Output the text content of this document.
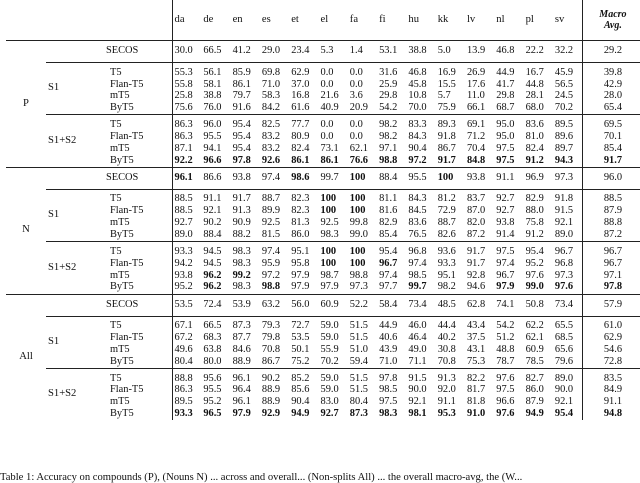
			da	de	en	es	et	el	fa	fi	hu	kk	lv	nl	pl	sv	Macro
Avg.
P		SECOS	30.0	66.5	41.2	29.0	23.4	5.3	1.4	53.1	38.8	5.0	13.9	46.8	22.2	32.2	29.2
	S1	T5	55.3	56.1	85.9	69.8	62.9	0.0	0.0	31.6	46.8	16.9	26.9	44.9	16.7	45.9	39.8
		Flan-T5	55.8	58.1	86.1	71.0	37.0	0.0	0.0	25.9	45.8	15.5	17.6	41.7	44.8	56.5	42.9
		mT5	25.8	38.8	79.7	58.3	16.8	21.6	3.6	29.8	10.8	5.7	11.0	29.8	28.1	24.5	28.0
		ByT5	75.6	76.0	91.6	84.2	61.6	40.9	20.9	54.2	70.0	75.9	66.1	68.7	68.0	70.2	65.4
	S1+S2	T5	86.3	96.0	95.4	82.5	77.7	0.0	0.0	98.2	83.3	89.3	69.1	95.0	83.6	89.5	69.5
		Flan-T5	86.3	95.5	95.4	83.2	80.9	0.0	0.0	98.2	84.3	91.8	71.2	95.0	81.0	89.6	70.1
		mT5	87.1	94.1	95.4	83.2	82.4	73.1	62.1	97.1	90.4	86.7	70.4	97.5	82.4	89.7	85.4
		ByT5	92.2	96.6	97.8	92.6	86.1	86.1	76.6	98.8	97.2	91.7	84.8	97.5	91.2	94.3	91.7
N		SECOS	96.1	86.6	93.8	97.4	98.6	99.7	100	88.4	95.5	100	93.8	91.1	96.9	97.3	96.0
	S1	T5	88.5	91.1	91.7	88.7	82.3	100	100	81.1	84.3	81.2	83.7	92.7	82.9	91.8	88.5
		Flan-T5	88.5	92.1	91.3	89.9	82.3	100	100	81.6	84.5	72.9	87.0	92.7	88.0	91.5	87.9
		mT5	92.7	90.2	90.9	92.5	81.3	92.5	99.8	82.9	83.6	88.7	82.0	93.8	75.8	92.1	88.8
		ByT5	89.0	88.4	88.2	81.5	86.0	98.3	99.0	85.4	76.5	82.6	87.2	91.4	91.2	89.0	87.2
	S1+S2	T5	93.3	94.5	98.3	97.4	95.1	100	100	95.4	96.8	93.6	91.7	97.5	95.4	96.7	96.7
		Flan-T5	94.2	94.5	98.3	95.9	95.8	100	100	96.7	97.4	93.3	91.7	97.4	95.2	96.8	96.7
		mT5	93.8	96.2	99.2	97.2	97.9	98.7	98.8	97.4	98.5	95.1	92.8	96.7	97.6	97.3	97.1
		ByT5	95.2	96.2	98.3	98.8	97.9	97.9	97.3	97.7	99.7	98.2	94.6	97.9	99.0	97.6	97.8
All		SECOS	53.5	72.4	53.9	63.2	56.0	60.9	52.2	58.4	73.4	48.5	62.8	74.1	50.8	73.4	57.9
	S1	T5	67.1	66.5	87.3	79.3	72.7	59.0	51.5	44.9	46.0	44.4	43.4	54.2	62.2	65.5	61.0
		Flan-T5	67.2	68.3	87.7	79.8	53.5	59.0	51.5	40.6	46.4	40.2	37.5	51.2	62.1	68.5	62.9
		mT5	49.6	63.8	84.6	70.8	50.1	55.9	51.0	43.9	49.0	30.8	43.1	48.8	60.9	65.6	54.6
		ByT5	80.4	80.0	88.9	86.7	75.2	70.2	59.4	71.0	71.1	70.8	75.3	78.7	78.5	79.6	72.8
	S1+S2	T5	88.8	95.6	96.1	90.2	85.2	59.0	51.5	97.8	91.5	91.3	82.2	97.6	82.7	89.0	83.5
		Flan-T5	86.3	95.5	96.4	88.9	85.6	59.0	51.5	98.5	90.0	92.0	81.7	97.5	86.0	90.0	84.9
		mT5	89.5	95.2	96.1	88.9	90.4	83.0	80.4	97.5	92.1	91.1	81.8	96.6	87.9	92.1	91.1
		ByT5	93.3	96.5	97.9	92.9	94.9	92.7	87.3	98.3	98.1	95.3	91.0	97.6	94.9	95.4	94.8
Table 1: Accuracy on compounds (P), (Nouns N) ... across and overall... (Non-splits All) ... the overall macro-avg, the (W...
